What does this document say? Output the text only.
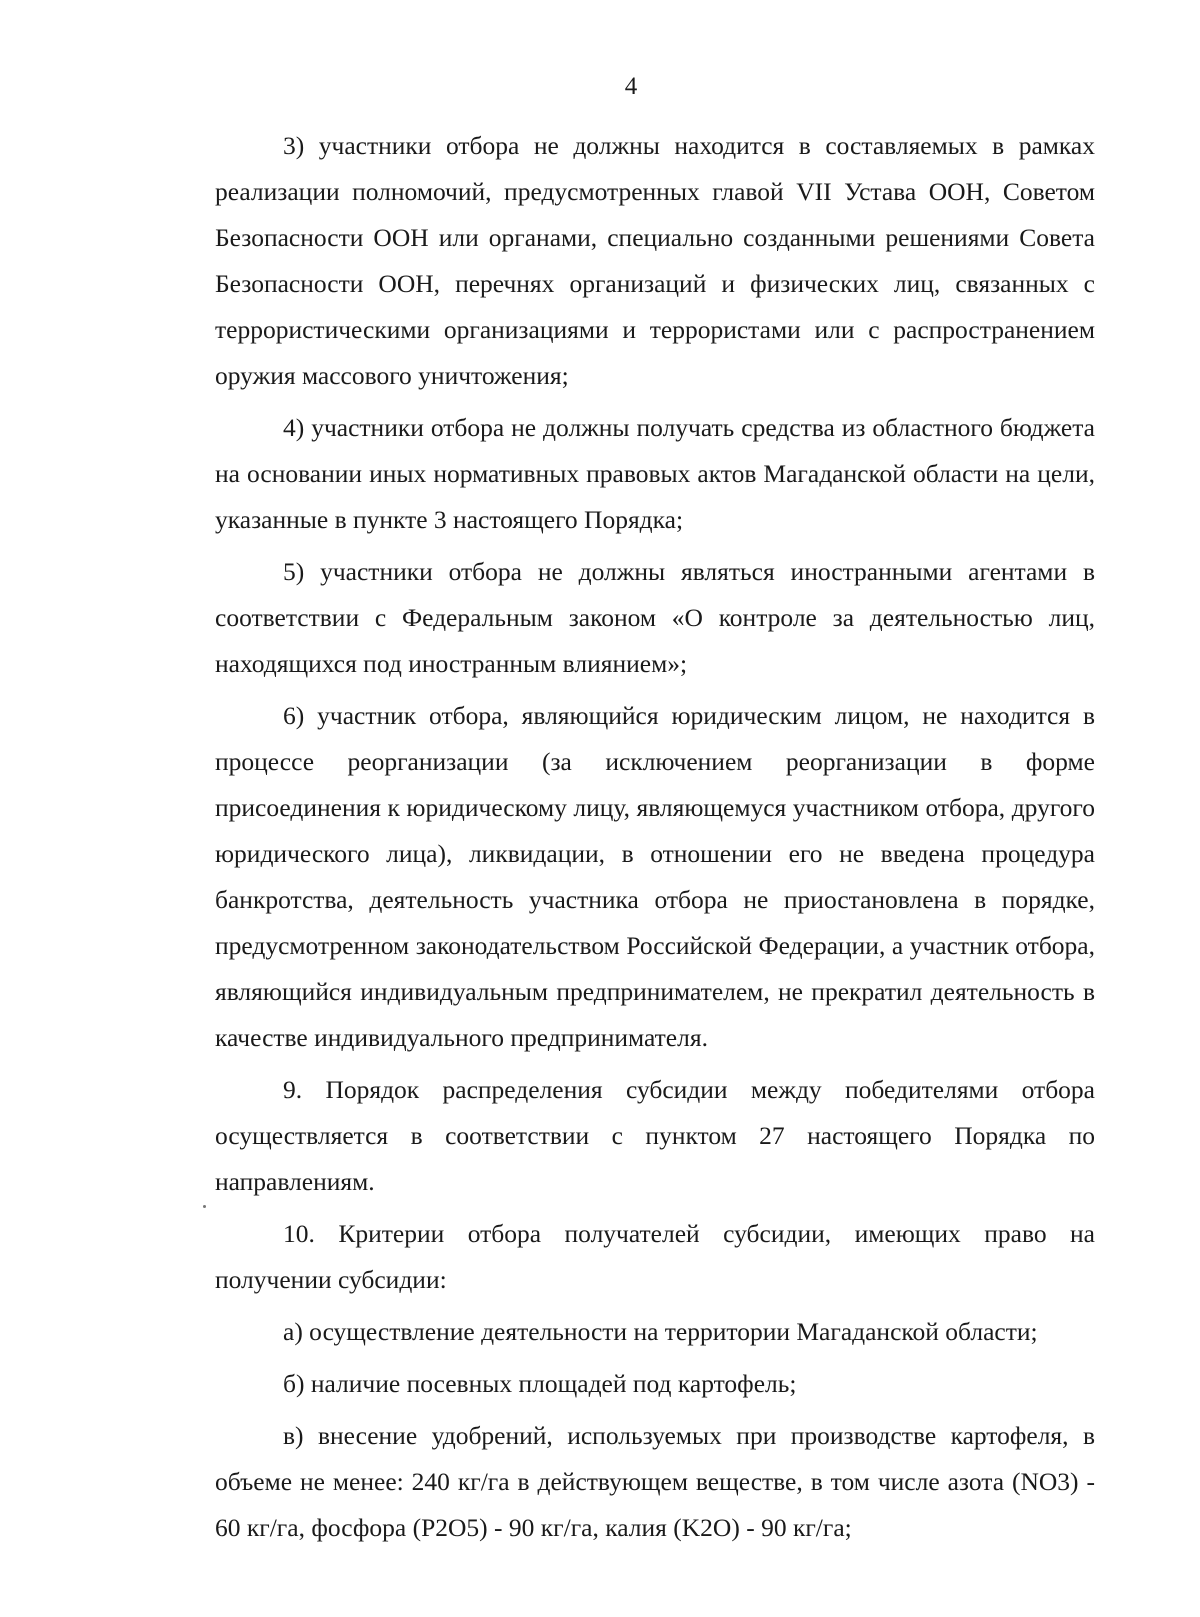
4

3) участники отбора не должны находится в составляемых в рамках реализации полномочий, предусмотренных главой VII Устава ООН, Советом Безопасности ООН или органами, специально созданными решениями Совета Безопасности ООН, перечнях организаций и физических лиц, связанных с террористическими организациями и террористами или с распространением оружия массового уничтожения;

4) участники отбора не должны получать средства из областного бюджета на основании иных нормативных правовых актов Магаданской области на цели, указанные в пункте 3 настоящего Порядка;

5) участники отбора не должны являться иностранными агентами в соответствии с Федеральным законом «О контроле за деятельностью лиц, находящихся под иностранным влиянием»;

6) участник отбора, являющийся юридическим лицом, не находится в процессе реорганизации (за исключением реорганизации в форме присоединения к юридическому лицу, являющемуся участником отбора, другого юридического лица), ликвидации, в отношении его не введена процедура банкротства, деятельность участника отбора не приостановлена в порядке, предусмотренном законодательством Российской Федерации, а участник отбора, являющийся индивидуальным предпринимателем, не прекратил деятельность в качестве индивидуального предпринимателя.

9. Порядок распределения субсидии между победителями отбора осуществляется в соответствии с пунктом 27 настоящего Порядка по направлениям.

10. Критерии отбора получателей субсидии, имеющих право на получении субсидии:

а) осуществление деятельности на территории Магаданской области;

б) наличие посевных площадей под картофель;

в) внесение удобрений, используемых при производстве картофеля, в объеме не менее: 240 кг/га в действующем веществе, в том числе азота (NO3) - 60 кг/га, фосфора (P2O5) - 90 кг/га, калия (K2O) - 90 кг/га;
